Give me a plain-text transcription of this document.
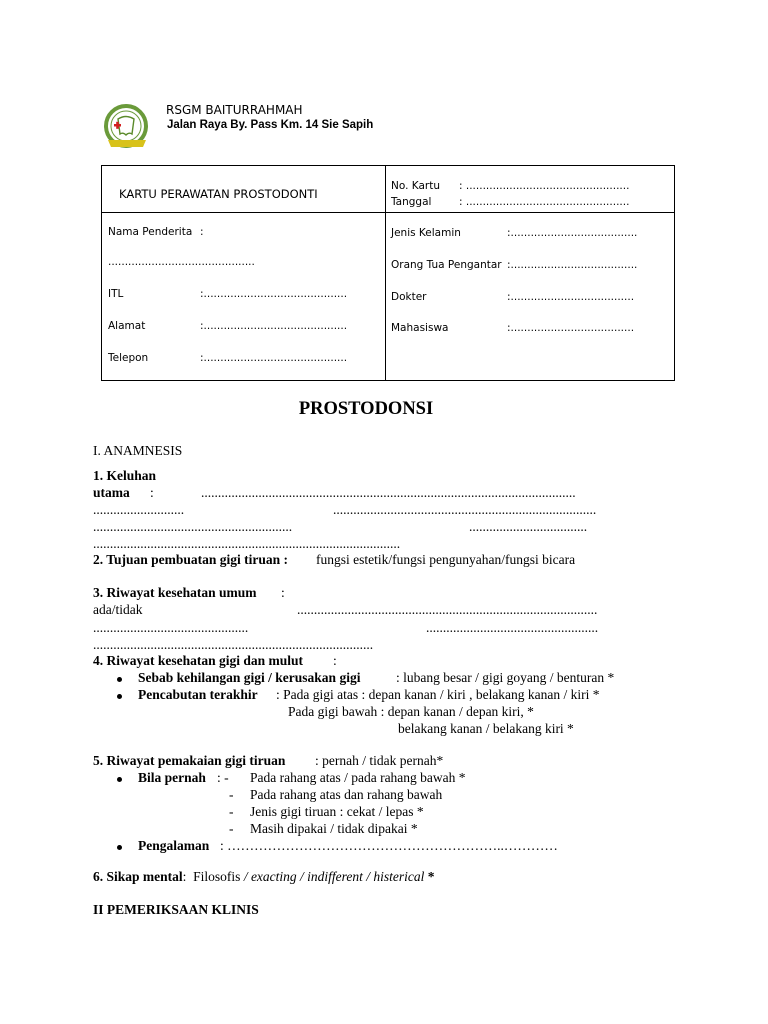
RSGM BAITURRAHMAH
Jalan Raya By. Pass Km. 14 Sie Sapih
KARTU PERAWATAN PROSTODONTI
No. Kartu : .................................................
Tanggal	: .................................................
Nama Penderita :
............................................
ITL	:...........................................
Alamat	:...........................................
Telepon	:...........................................
Jenis Kelamin	:......................................
Orang Tua Pengantar :......................................
Dokter	:.....................................
Mahasiswa	:.....................................
PROSTODONSI
I. ANAMNESIS
1. Keluhan
utama :	...............................................................................................................
...........................	..............................................................................
...........................................................	...................................
...........................................................................................
2. Tujuan pembuatan gigi tiruan : fungsi estetik/fungsi pengunyahan/fungsi bicara
3. Riwayat kesehatan umum :
ada/tidak	.........................................................................................
..............................................	...................................................
...................................................................................
4. Riwayat kesehatan gigi dan mulut :
Sebab kehilangan gigi / kerusakan gigi	: lubang besar / gigi goyang / benturan *
Pencabutan terakhir : Pada gigi atas : depan kanan / kiri , belakang kanan / kiri *
Pada gigi bawah : depan kanan / depan kiri, *
belakang kanan / belakang kiri *
5. Riwayat pemakaian gigi tiruan : pernah / tidak pernah*
Bila pernah : - Pada rahang atas / pada rahang bawah *
- Pada rahang atas dan rahang bawah
- Jenis gigi tiruan : cekat / lepas *
- Masih dipakai / tidak dipakai *
Pengalaman : ……………………………………………………..…………
6. Sikap mental: Filosofis / exacting / indifferent / histerical *
II PEMERIKSAAN KLINIS
